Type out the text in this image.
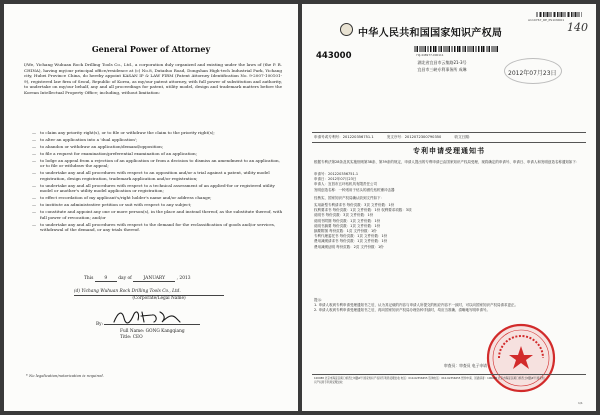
General Power of Attorney

I/We, Yichang Wuhuan Rock Drilling Tools Co., Ltd., a corporation duly organized and existing under the laws of (the P. R. CHINA), having my/our principal office/residence at (c) No.8, Dutaduo Road, Dongshan High-tech Industrial Park, Yichang city, Hubei Province China, do hereby appoint KASAN IP & LAW FIRM (Patent Attorney Identification No. 9-2007-100101-9), registered law firm of Seoul, Republic of Korea, as my/our patent attorney, with full power of substitution and authority, to undertake on my/our behalf, any and all proceedings for patent, utility model, design and trademark matters before the Korean Intellectual Property Office; including, without limitation:

— to claim any priority right(s), or to file or withdraw the claim to the priority right(s);
— to alter an application into a 'dual application';
— to abandon or withdraw an application/demand/opposition;
— to file a request for examination/preferential examination of an application;
— to lodge an appeal from a rejection of an application or from a decision to dismiss an amendment to an application, or to file or withdraw the appeal;
— to undertake any and all procedures with respect to an opposition and/or a trial against a patent, utility model registration, design registration, trademark application and/or registration;
— to undertake any and all procedures with respect to a technical assessment of an applied-for or registered utility model or another's utility model application or registration;
— to effect recordation of my applicant's/right holder's name and/or address change;
— to institute an administrative petition or suit with respect to any subject;
— to constitute and appoint any one or more person(s), in the place and instead thereof, as the substitute thereof, with full power of revocation; and/or
— to undertake any and all procedures with respect to the demand for the reclassification of goods and/or services, withdrawal of the demand, or any trials thereof.
This	9	day of	JANUARY	, 2013
(d) Yichang Wuhuan Rock Drilling Tools Co., Ltd.
(Corporate/Legal Name)
By:
Full Name: GONG Kangqiang
Title: CEO
* No legalization/notarization is required.
A110767_RE_PS1CN001
140
中华人民共和国国家知识产权局
443000	Y0J-448977-000111
湖北省宜昌市云集路21-3号
宜昌市三峡专利事务所 成琳
2012年07月23日
申请号或专利号：201220356751.1	发文序号：2012072300790350	收文日期：
专利申请受理通知书
根据专利法第28条及其实施细则第38条、第39条的规定，申请人提出的专利申请已由国家知识产权局受理，现将确定的申请号、申请日、申请人和发明创造名称通知如下：
申请号：201220356751.1
申请日：2012年07月23日
申请人：宜昌市五环钻机具有限责任公司
发明创造名称：一种适用于钻头的潜孔钻机锤冲击器
经核实，国家知识产权局确认收到文件如下：
实用新型专利请求书 每份页数：3页 文件份数：1份
权利要求书 每份页数：1页 文件份数：1份 权利要求项数：3项
说明书 每份页数：3页 文件份数：1份
说明书附图 每份页数：1页 文件份数：1份
说明书摘要 每份页数：1页 文件份数：1份
摘要附图 每份页数：1页 文件份数：1份
专利代理委托书 每份页数：1页 文件份数：1份
费用减缓请求书 每份页数：1页 文件份数：1份
费用减缓证明 每份页数：2页 文件份数：1份
提示：
1. 申请人收到专利申请受理通知书之后，认为其记载的内容与申请人所提交的相应内容不一致时，可以向国家知识产权局请求更正。
2. 申请人收到专利申请受理通知书之后，再向国家知识产权局办理各种手续时，均应当准确、清晰地写明申请号。
审查员：审查员 电子申请
100088 北京市海淀区蓟门桥西土城路6号 国家知识产权局专利局受理处收 电话：010-62356655 咨询电话：010-62356655 纸件申请，回函请寄：100088 北京市海淀区蓟门桥西土城路6号 国家知识产权局专利局受理处收
1/1
